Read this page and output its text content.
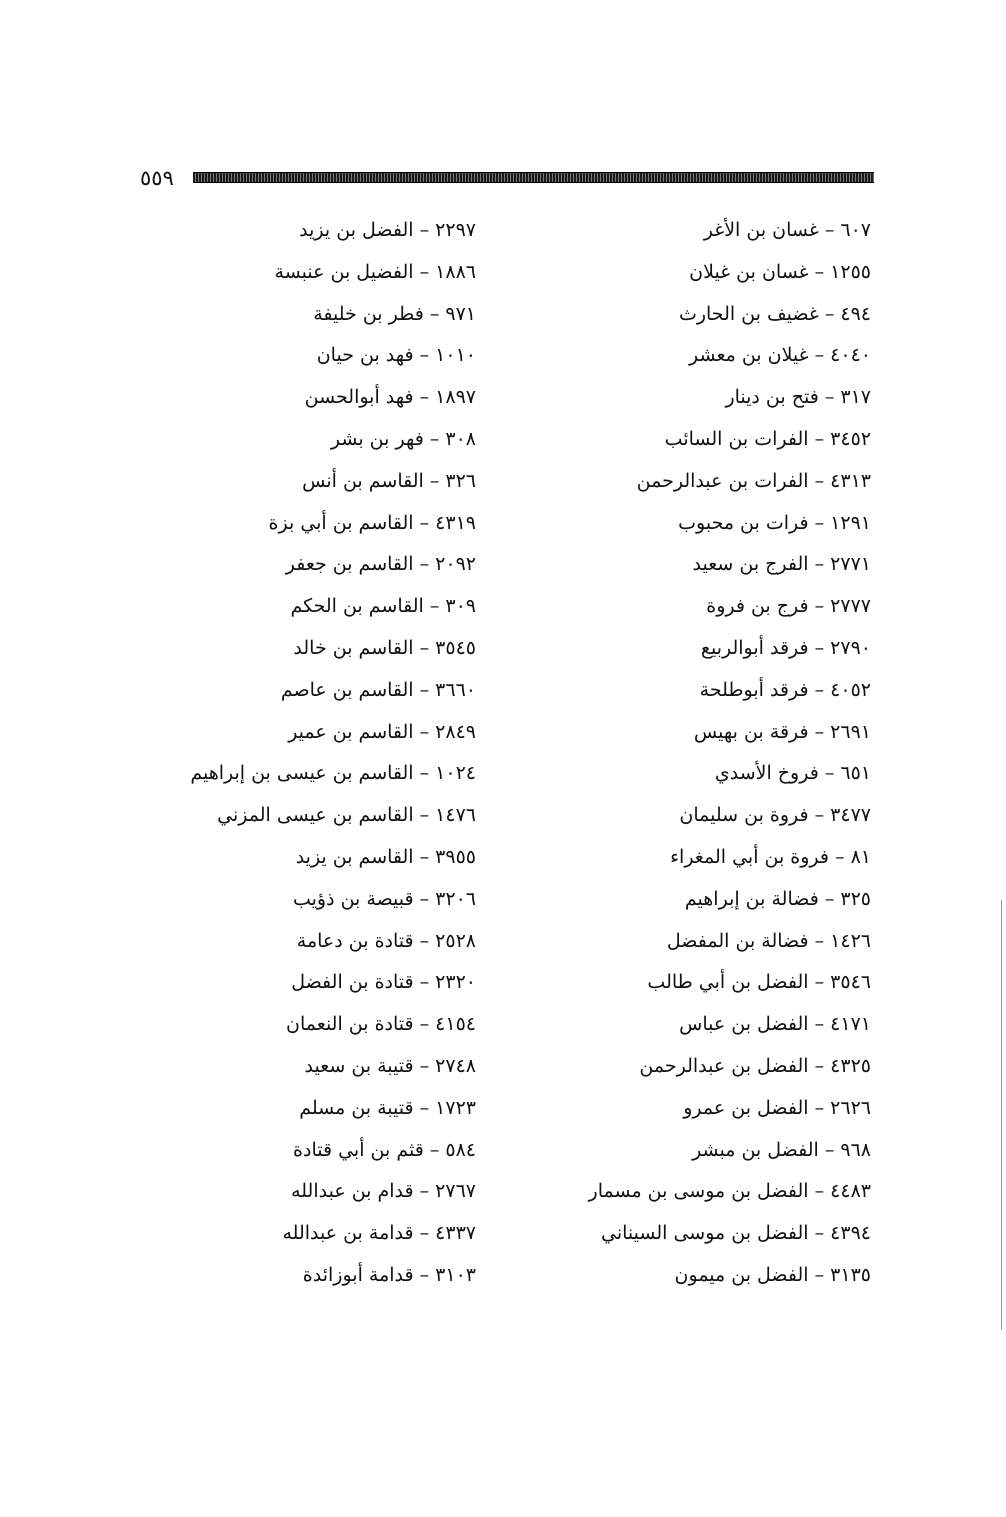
٥٥٩
٦٠٧ – غسان بن الأغر
١٢٥٥ – غسان بن غيلان
٤٩٤ – غضيف بن الحارث
٤٠٤٠ – غيلان بن معشر
٣١٧ – فتح بن دينار
٣٤٥٢ – الفرات بن السائب
٤٣١٣ – الفرات بن عبدالرحمن
١٢٩١ – فرات بن محبوب
٢٧٧١ – الفرج بن سعيد
٢٧٧٧ – فرج بن فروة
٢٧٩٠ – فرقد أبوالربيع
٤٠٥٢ – فرقد أبوطلحة
٢٦٩١ – فرقة بن بهيس
٦٥١ – فروخ الأسدي
٣٤٧٧ – فروة بن سليمان
٨١ – فروة بن أبي المغراء
٣٢٥ – فضالة بن إبراهيم
١٤٢٦ – فضالة بن المفضل
٣٥٤٦ – الفضل بن أبي طالب
٤١٧١ – الفضل بن عباس
٤٣٢٥ – الفضل بن عبدالرحمن
٢٦٢٦ – الفضل بن عمرو
٩٦٨ – الفضل بن مبشر
٤٤٨٣ – الفضل بن موسى بن مسمار
٤٣٩٤ – الفضل بن موسى السيناني
٣١٣٥ – الفضل بن ميمون
٢٢٩٧ – الفضل بن يزيد
١٨٨٦ – الفضيل بن عنبسة
٩٧١ – فطر بن خليفة
١٠١٠ – فهد بن حيان
١٨٩٧ – فهد أبوالحسن
٣٠٨ – فهر بن بشر
٣٢٦ – القاسم بن أنس
٤٣١٩ – القاسم بن أبي بزة
٢٠٩٢ – القاسم بن جعفر
٣٠٩ – القاسم بن الحكم
٣٥٤٥ – القاسم بن خالد
٣٦٦٠ – القاسم بن عاصم
٢٨٤٩ – القاسم بن عمير
١٠٢٤ – القاسم بن عيسى بن إبراهيم
١٤٧٦ – القاسم بن عيسى المزني
٣٩٥٥ – القاسم بن يزيد
٣٢٠٦ – قبيصة بن ذؤيب
٢٥٢٨ – قتادة بن دعامة
٢٣٢٠ – قتادة بن الفضل
٤١٥٤ – قتادة بن النعمان
٢٧٤٨ – قتيبة بن سعيد
١٧٢٣ – قتيبة بن مسلم
٥٨٤ – قثم بن أبي قتادة
٢٧٦٧ – قدام بن عبدالله
٤٣٣٧ – قدامة بن عبدالله
٣١٠٣ – قدامة أبوزائدة
